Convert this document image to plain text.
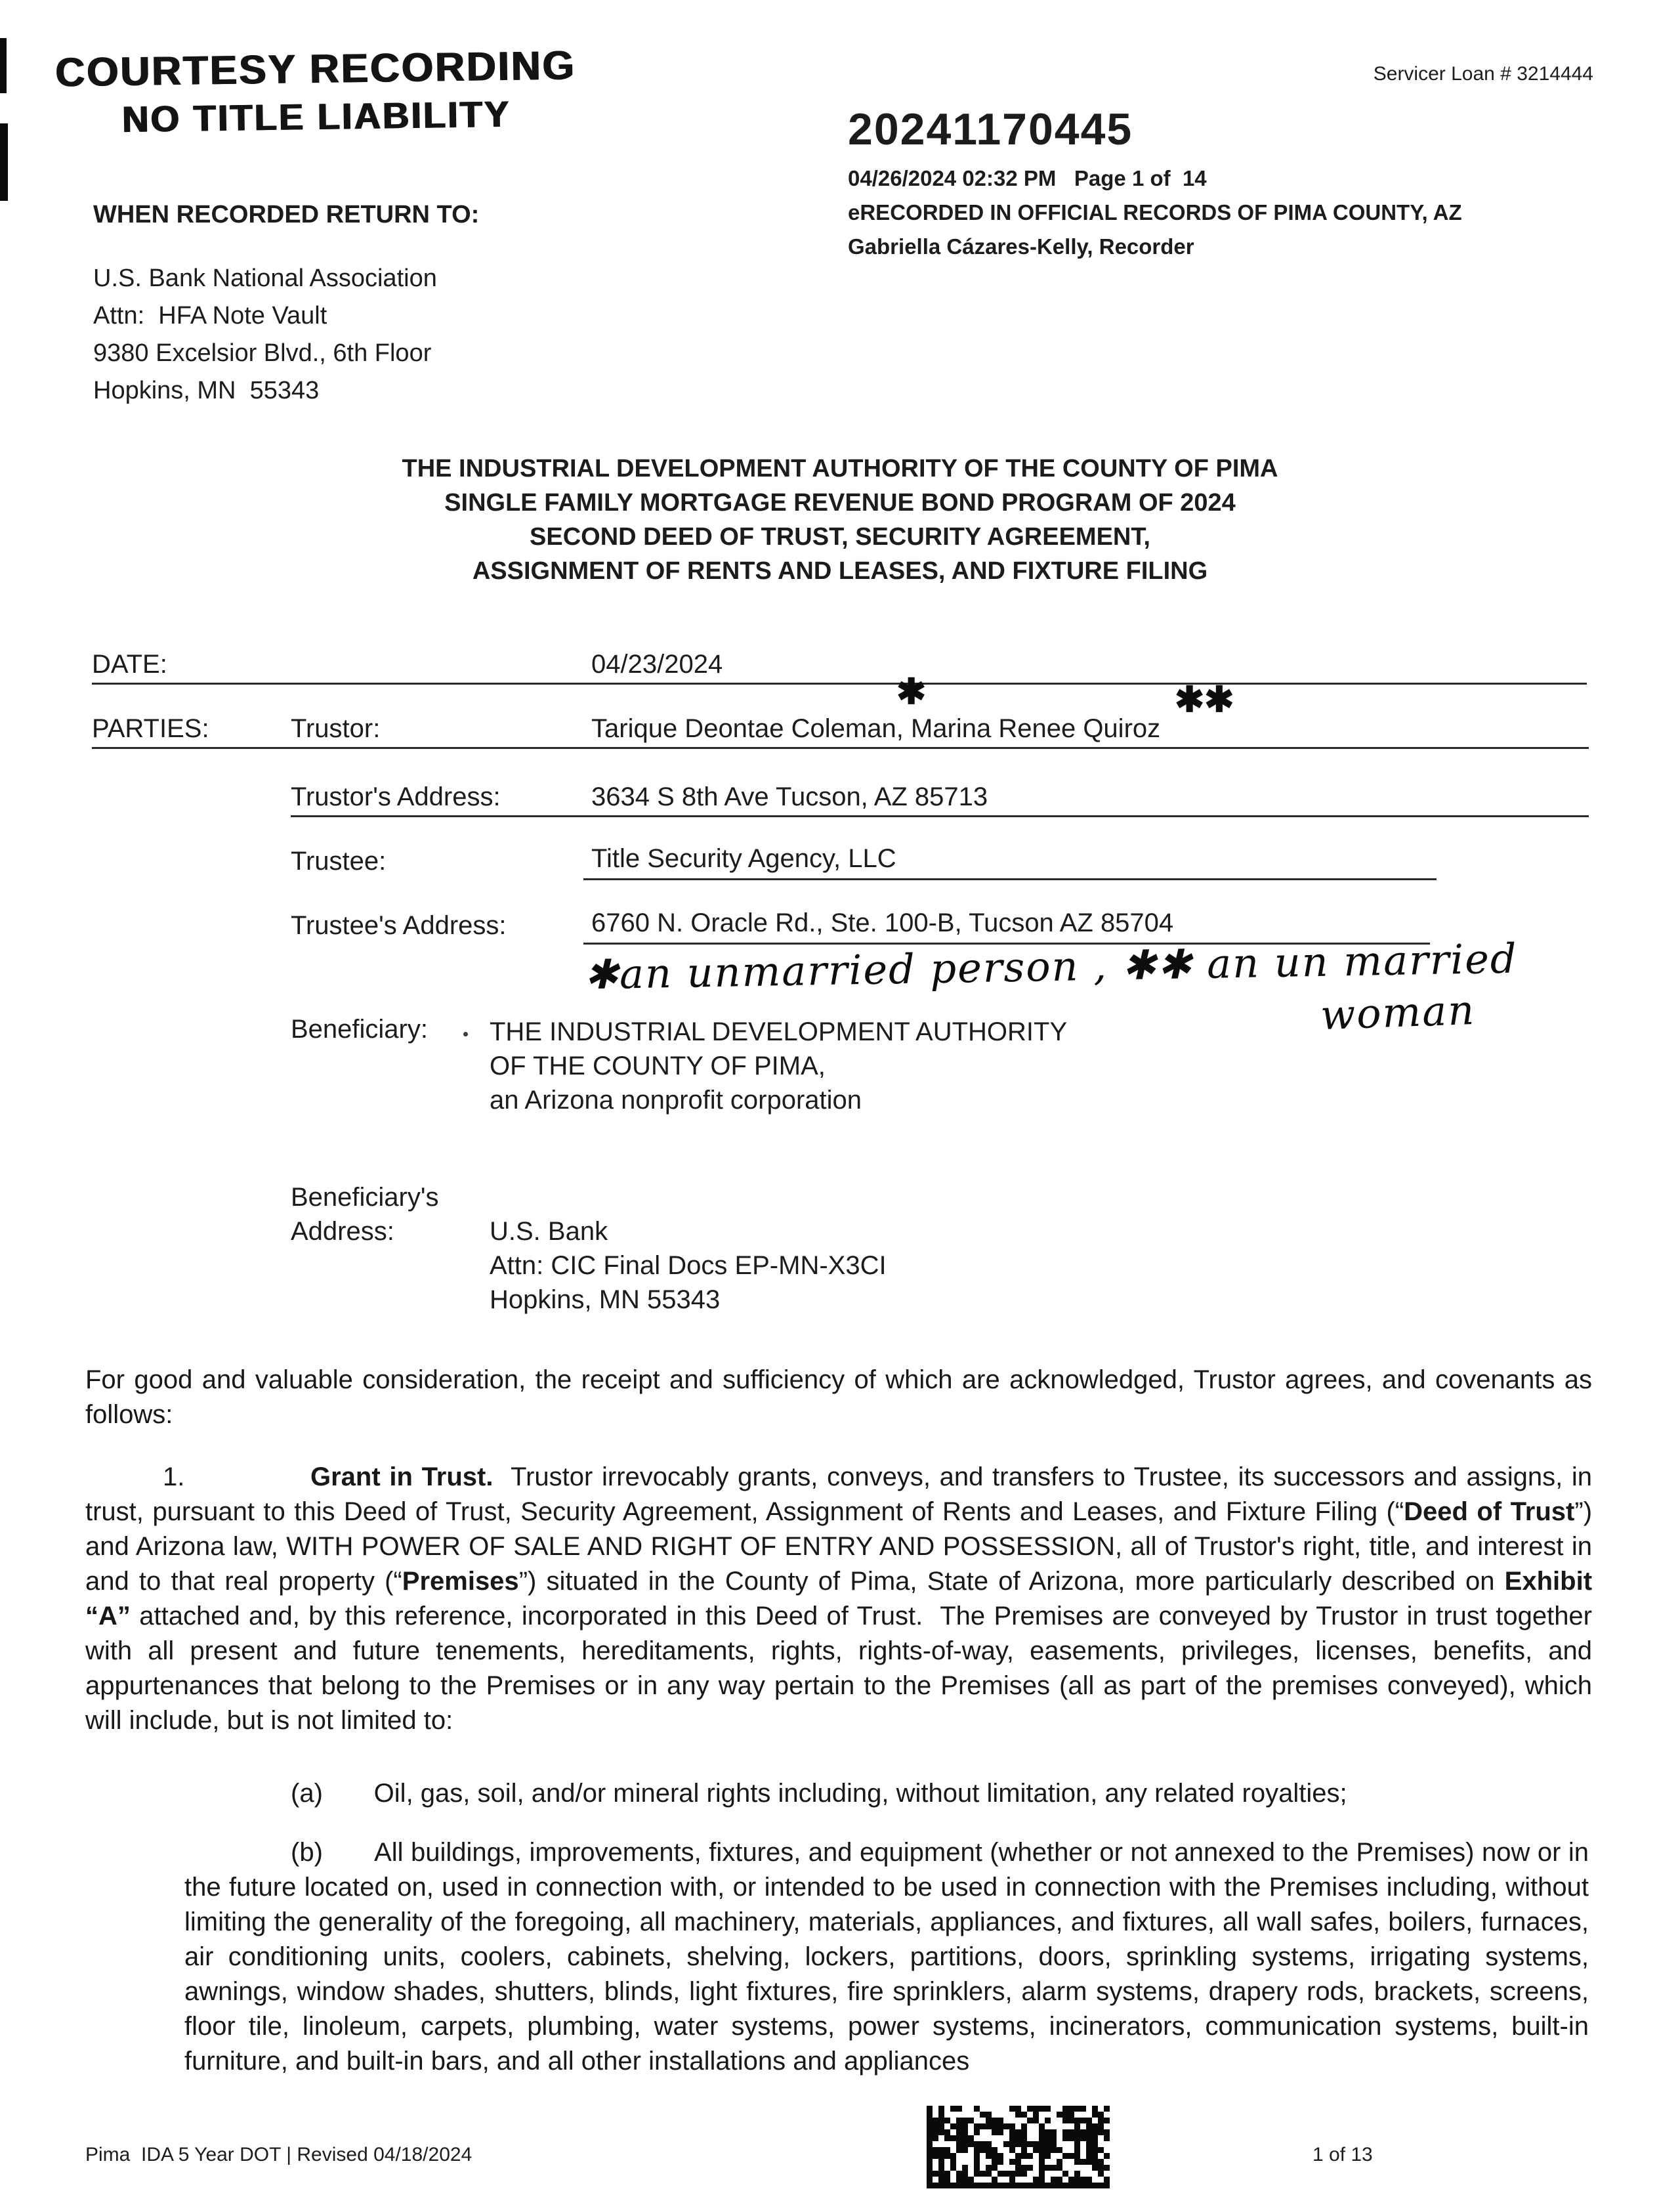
COURTESY RECORDING
NO TITLE LIABILITY
Servicer Loan # 3214444
20241170445
04/26/2024 02:32 PM   Page 1 of  14
eRECORDED IN OFFICIAL RECORDS OF PIMA COUNTY, AZ
Gabriella Cázares-Kelly, Recorder
WHEN RECORDED RETURN TO:
U.S. Bank National Association
Attn:  HFA Note Vault
9380 Excelsior Blvd., 6th Floor
Hopkins, MN  55343
THE INDUSTRIAL DEVELOPMENT AUTHORITY OF THE COUNTY OF PIMA
SINGLE FAMILY MORTGAGE REVENUE BOND PROGRAM OF 2024
SECOND DEED OF TRUST, SECURITY AGREEMENT,
ASSIGNMENT OF RENTS AND LEASES, AND FIXTURE FILING
DATE:	04/23/2024
✱	✱✱
PARTIES:	Trustor:	Tarique Deontae Coleman, Marina Renee Quiroz
Trustor's Address:	3634 S 8th Ave Tucson, AZ 85713
Trustee:	Title Security Agency, LLC
Trustee's Address:	6760 N. Oracle Rd., Ste. 100-B, Tucson AZ 85704
✱an unmarried person , ✱✱ an un married
woman
Beneficiary: THE INDUSTRIAL DEVELOPMENT AUTHORITY
OF THE COUNTY OF PIMA,
an Arizona nonprofit corporation
Beneficiary's
Address:	U.S. Bank
Attn: CIC Final Docs EP-MN-X3CI
Hopkins, MN 55343
For good and valuable consideration, the receipt and sufficiency of which are acknowledged, Trustor agrees, and covenants as follows:
1.              Grant in Trust.  Trustor irrevocably grants, conveys, and transfers to Trustee, its successors and assigns, in trust, pursuant to this Deed of Trust, Security Agreement, Assignment of Rents and Leases, and Fixture Filing (“Deed of Trust”) and Arizona law, WITH POWER OF SALE AND RIGHT OF ENTRY AND POSSESSION, all of Trustor's right, title, and interest in and to that real property (“Premises”) situated in the County of Pima, State of Arizona, more particularly described on Exhibit “A” attached and, by this reference, incorporated in this Deed of Trust.  The Premises are conveyed by Trustor in trust together with all present and future tenements, hereditaments, rights, rights-of-way, easements, privileges, licenses, benefits, and appurtenances that belong to the Premises or in any way pertain to the Premises (all as part of the premises conveyed), which will include, but is not limited to:
(a)       Oil, gas, soil, and/or mineral rights including, without limitation, any related royalties;
(b)       All buildings, improvements, fixtures, and equipment (whether or not annexed to the Premises) now or in the future located on, used in connection with, or intended to be used in connection with the Premises including, without limiting the generality of the foregoing, all machinery, materials, appliances, and fixtures, all wall safes, boilers, furnaces, air conditioning units, coolers, cabinets, shelving, lockers, partitions, doors, sprinkling systems, irrigating systems, awnings, window shades, shutters, blinds, light fixtures, fire sprinklers, alarm systems, drapery rods, brackets, screens, floor tile, linoleum, carpets, plumbing, water systems, power systems, incinerators, communication systems, built-in furniture, and built-in bars, and all other installations and appliances
Pima  IDA 5 Year DOT | Revised 04/18/2024	1 of 13
